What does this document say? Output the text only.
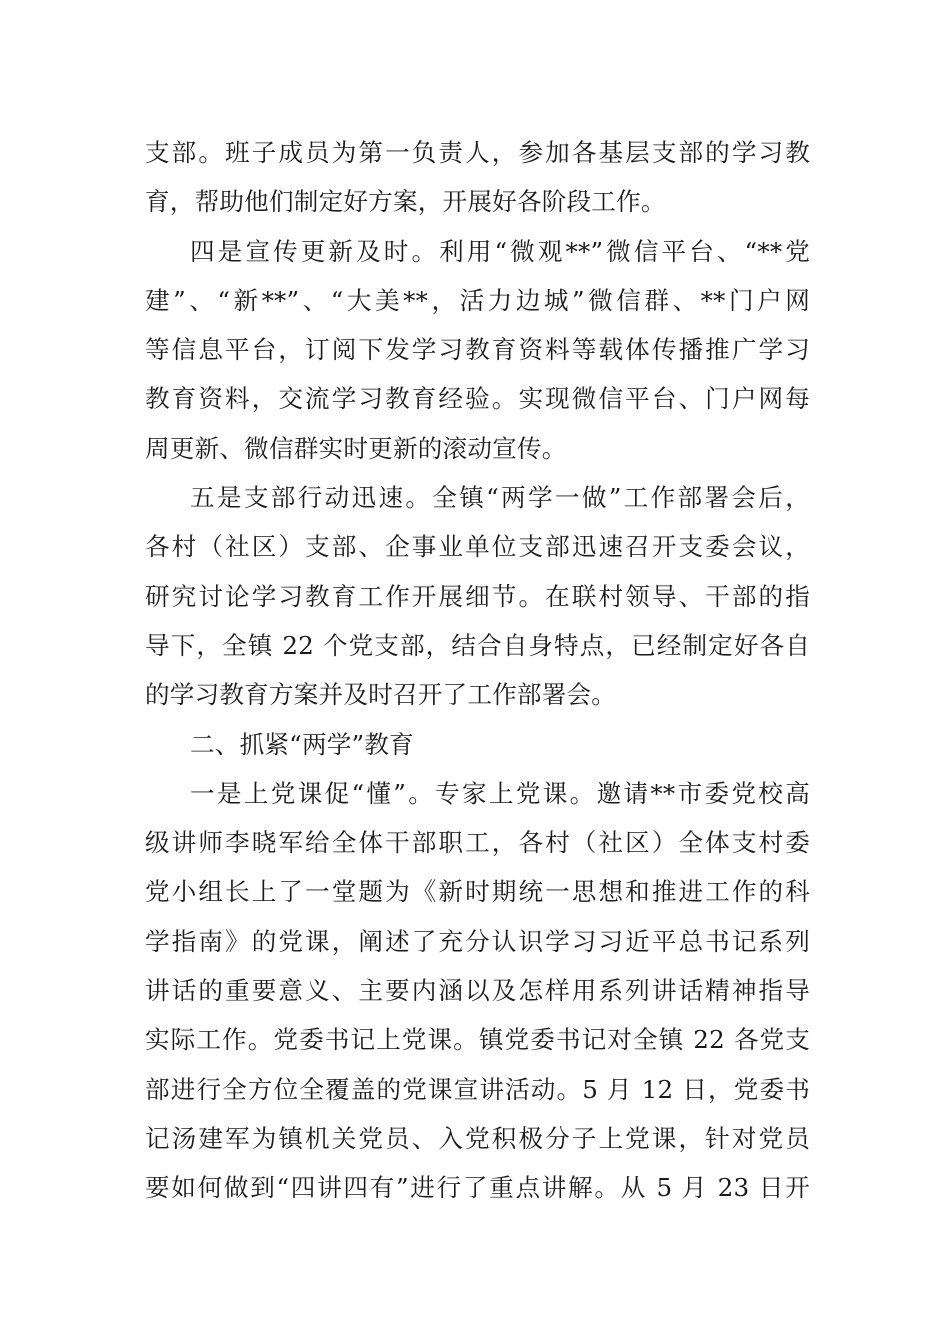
支部。班子成员为第一负责人，参加各基层支部的学习教
育，帮助他们制定好方案，开展好各阶段工作。
四是宣传更新及时。利用“微观**”微信平台、“**党
建”、“新**”、“大美**，活力边城”微信群、**门户网
等信息平台，订阅下发学习教育资料等载体传播推广学习
教育资料，交流学习教育经验。实现微信平台、门户网每
周更新、微信群实时更新的滚动宣传。
五是支部行动迅速。全镇“两学一做”工作部署会后，
各村（社区）支部、企事业单位支部迅速召开支委会议，
研究讨论学习教育工作开展细节。在联村领导、干部的指
导下，全镇 22 个党支部，结合自身特点，已经制定好各自
的学习教育方案并及时召开了工作部署会。
二、抓紧“两学”教育
一是上党课促“懂”。专家上党课。邀请**市委党校高
级讲师李晓军给全体干部职工，各村（社区）全体支村委
党小组长上了一堂题为《新时期统一思想和推进工作的科
学指南》的党课，阐述了充分认识学习习近平总书记系列
讲话的重要意义、主要内涵以及怎样用系列讲话精神指导
实际工作。党委书记上党课。镇党委书记对全镇 22 各党支
部进行全方位全覆盖的党课宣讲活动。5 月 12 日，党委书
记汤建军为镇机关党员、入党积极分子上党课，针对党员
要如何做到“四讲四有”进行了重点讲解。从 5 月 23 日开
